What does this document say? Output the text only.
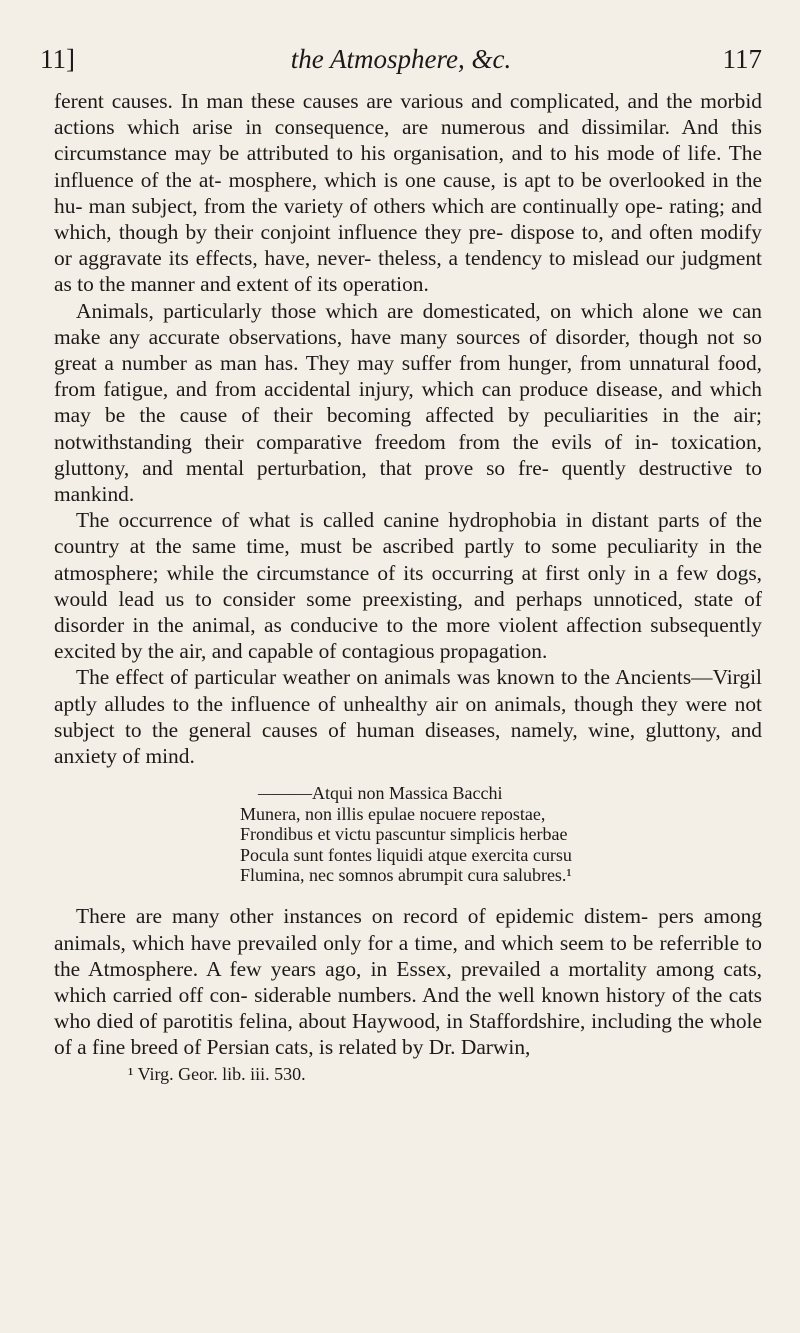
11]	the Atmosphere, &c.	117

ferent causes. In man these causes are various and complicated, and the morbid actions which arise in consequence, are numerous and dissimilar. And this circumstance may be attributed to his organisation, and to his mode of life. The influence of the at- mosphere, which is one cause, is apt to be overlooked in the hu- man subject, from the variety of others which are continually ope- rating; and which, though by their conjoint influence they pre- dispose to, and often modify or aggravate its effects, have, never- theless, a tendency to mislead our judgment as to the manner and extent of its operation.

Animals, particularly those which are domesticated, on which alone we can make any accurate observations, have many sources of disorder, though not so great a number as man has. They may suffer from hunger, from unnatural food, from fatigue, and from accidental injury, which can produce disease, and which may be the cause of their becoming affected by peculiarities in the air; notwithstanding their comparative freedom from the evils of in- toxication, gluttony, and mental perturbation, that prove so fre- quently destructive to mankind.

The occurrence of what is called canine hydrophobia in distant parts of the country at the same time, must be ascribed partly to some peculiarity in the atmosphere; while the circumstance of its occurring at first only in a few dogs, would lead us to consider some preexisting, and perhaps unnoticed, state of disorder in the animal, as conducive to the more violent affection subsequently excited by the air, and capable of contagious propagation.

The effect of particular weather on animals was known to the Ancients—Virgil aptly alludes to the influence of unhealthy air on animals, though they were not subject to the general causes of human diseases, namely, wine, gluttony, and anxiety of mind.

———Atqui non Massica Bacchi
Munera, non illis epulae nocuere repostae,
Frondibus et victu pascuntur simplicis herbae
Pocula sunt fontes liquidi atque exercita cursu
Flumina, nec somnos abrumpit cura salubres.¹

There are many other instances on record of epidemic distem- pers among animals, which have prevailed only for a time, and which seem to be referrible to the Atmosphere. A few years ago, in Essex, prevailed a mortality among cats, which carried off con- siderable numbers. And the well known history of the cats who died of parotitis felina, about Haywood, in Staffordshire, including the whole of a fine breed of Persian cats, is related by Dr. Darwin,

¹ Virg. Geor. lib. iii. 530.
